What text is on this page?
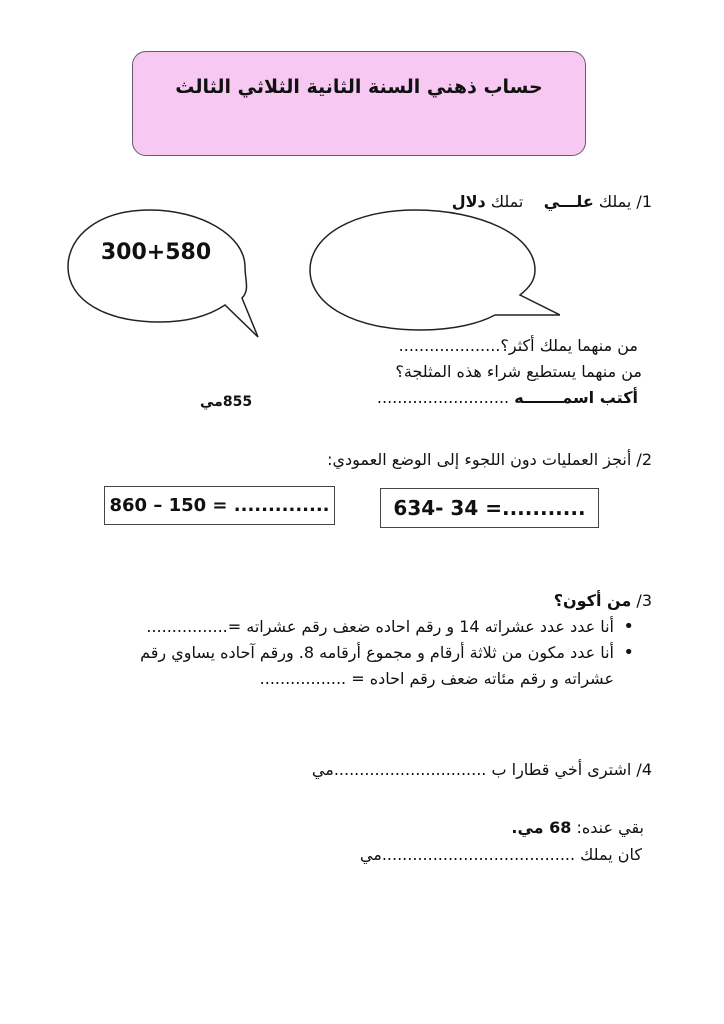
حساب ذهني السنة الثانية الثلاثي الثالث
1/ يملك علـــي    تملك دلال
300+580
من منهما يملك أكثر؟....................
من منهما يستطيع شراء هذه المثلجة؟
أكتب اسمـــــــه ..........................
855مي
2/ أنجز العمليات دون اللجوء إلى الوضع العمودي:
860 – 150 = ..............	634- 34 =...........
3/ من أكون؟
• أنا عدد عدد عشراته 14 و رقم احاده ضعف رقم عشراته =................
• أنا عدد مكون من ثلاثة أرقام و مجموع أرقامه 8. ورقم آحاده يساوي رقم عشراته و رقم مئاته ضعف رقم احاده = .................
4/ اشترى أخي قطارا ب ..............................مي
بقي عنده: 68 مي.
كان يملك ......................................مي
